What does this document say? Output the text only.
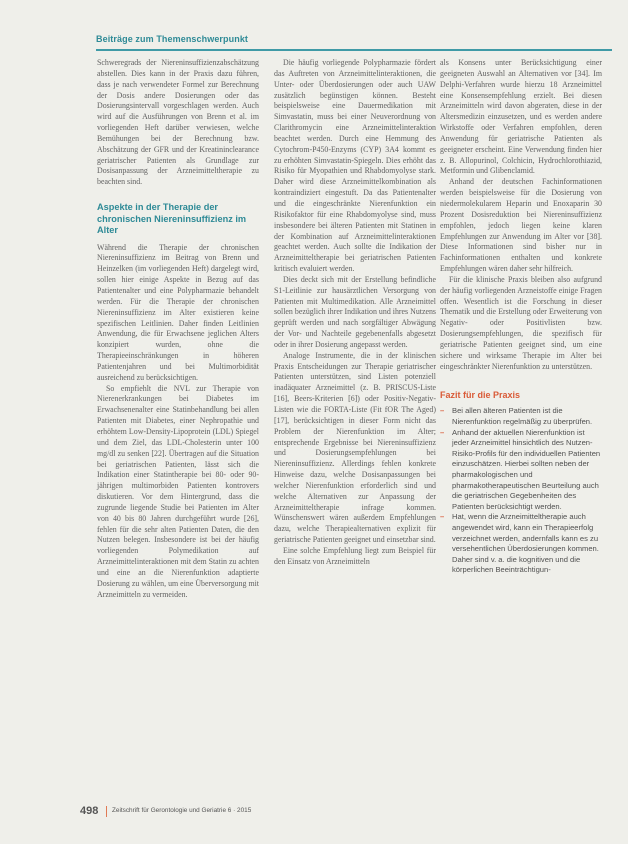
Beiträge zum Themenschwerpunkt

Schweregrads der Niereninsuffizienzabschätzung abstellen. Dies kann in der Praxis dazu führen, dass je nach verwendeter Formel zur Berechnung der Dosis andere Dosierungen oder das Dosierungsintervall vorgeschlagen werden. Auch wird auf die Ausführungen von Brenn et al. im vorliegenden Heft darüber verwiesen, welche Bemühungen bei der Berechnung bzw. Abschätzung der GFR und der Kreatininclearance geriatrischer Patienten als Grundlage zur Dosisanpassung der Arzneimitteltherapie zu beachten sind.

Aspekte in der Therapie der chronischen Niereninsuffizienz im Alter

Während die Therapie der chronischen Niereninsuffizienz im Beitrag von Brenn und Heinzelken (im vorliegenden Heft) dargelegt wird, sollen hier einige Aspekte in Bezug auf das Patientenalter und eine Polypharmazie behandelt werden. Für die Therapie der chronischen Niereninsuffizienz im Alter existieren keine spezifischen Leitlinien. Daher finden Leitlinien Anwendung, die für Erwachsene jeglichen Alters konzipiert wurden, ohne die Therapieeinschränkungen in höheren Patientenjahren und bei Multimorbidität ausreichend zu berücksichtigen.

So empfiehlt die NVL zur Therapie von Nierenerkrankungen bei Diabetes im Erwachsenenalter eine Statinbehandlung bei allen Patienten mit Diabetes, einer Nephropathie und erhöhtem Low-Density-Lipoprotein (LDL) Spiegel und dem Ziel, das LDL-Cholesterin unter 100 mg/dl zu senken [22]. Übertragen auf die Situation bei geriatrischen Patienten, lässt sich die Indikation einer Statintherapie bei 80- oder 90-jährigen multimorbiden Patienten kontrovers diskutieren. Vor dem Hintergrund, dass die zugrunde liegende Studie bei Patienten im Alter von 40 bis 80 Jahren durchgeführt wurde [26], fehlen für die sehr alten Patienten Daten, die den Nutzen belegen. Insbesondere ist bei der häufig vorliegenden Polymedikation auf Arzneimittelinteraktionen mit dem Statin zu achten und eine an die Nierenfunktion adaptierte Dosierung zu wählen, um eine Überversorgung mit Arzneimitteln zu vermeiden.

Die häufig vorliegende Polypharmazie fördert das Auftreten von Arzneimittelinteraktionen, die Unter- oder Überdosierungen oder auch UAW zusätzlich begünstigen können. Besteht beispielsweise eine Dauermedikation mit Simvastatin, muss bei einer Neuverordnung von Clarithromycin eine Arzneimittelinteraktion beachtet werden. Durch eine Hemmung des Cytochrom-P450-Enzyms (CYP) 3A4 kommt es zu erhöhten Simvastatin-Spiegeln. Dies erhöht das Risiko für Myopathien und Rhabdomyolyse stark. Daher wird diese Arzneimittelkombination als kontraindiziert eingestuft. Da das Patientenalter und die eingeschränkte Nierenfunktion ein Risikofaktor für eine Rhabdomyolyse sind, muss insbesondere bei älteren Patienten mit Statinen in der Kombination auf Arzneimittelinteraktionen geachtet werden. Auch sollte die Indikation der Arzneimitteltherapie bei geriatrischen Patienten kritisch evaluiert werden.

Dies deckt sich mit der Erstellung befindliche S1-Leitlinie zur hausärztlichen Versorgung von Patienten mit Multimedikation. Alle Arzneimittel sollen bezüglich ihrer Indikation und ihres Nutzens geprüft werden und nach sorgfältiger Abwägung der Vor- und Nachteile gegebenenfalls abgesetzt oder in ihrer Dosierung angepasst werden.

Analoge Instrumente, die in der klinischen Praxis Entscheidungen zur Therapie geriatrischer Patienten unterstützen, sind Listen potenziell inadäquater Arzneimittel (z. B. PRISCUS-Liste [16], Beers-Kriterien [6]) oder Positiv-Negativ-Listen wie die FORTA-Liste (Fit fOR The Aged) [17], berücksichtigen in dieser Form nicht das Problem der Nierenfunktion im Alter; entsprechende Ergebnisse bei Niereninsuffizienz und Dosierungsempfehlungen bei Niereninsuffizienz. Allerdings fehlen konkrete Hinweise dazu, welche Dosisanpassungen bei welcher Nierenfunktion erforderlich sind und welche Alternativen zur Anpassung der Arzneimitteltherapie infrage kommen. Wünschenswert wären außerdem Empfehlungen dazu, welche Therapiealternativen explizit für geriatrische Patienten geeignet und einsetzbar sind.

Eine solche Empfehlung liegt zum Beispiel für den Einsatz von Arzneimitteln

als Konsens unter Berücksichtigung einer geeigneten Auswahl an Alternativen vor [34]. Im Delphi-Verfahren wurde hierzu 18 Arzneimittel eine Konsensempfehlung erzielt. Bei diesen Arzneimitteln wird davon abgeraten, diese in der Altersmedizin einzusetzen, und es werden andere Wirkstoffe oder Verfahren empfohlen, deren Anwendung für geriatrische Patienten als geeigneter erscheint. Eine Verwendung finden hier z. B. Allopurinol, Colchicin, Hydrochlorothiazid, Metformin und Glibenclamid.

Anhand der deutschen Fachinformationen werden beispielsweise für die Dosierung von niedermolekularem Heparin und Enoxaparin 30 Prozent Dosisreduktion bei Niereninsuffizienz empfohlen, jedoch liegen keine klaren Empfehlungen zur Anwendung im Alter vor [38]. Diese Informationen sind bisher nur in Fachinformationen enthalten und konkrete Empfehlungen wären daher sehr hilfreich.

Für die klinische Praxis bleiben also aufgrund der häufig vorliegenden Arzneistoffe einige Fragen offen. Wesentlich ist die Forschung in dieser Thematik und die Erstellung oder Erweiterung von Negativ- oder Positivlisten bzw. Dosierungsempfehlungen, die spezifisch für geriatrische Patienten geeignet sind, um eine sichere und wirksame Therapie im Alter bei eingeschränkter Nierenfunktion zu unterstützen.

Fazit für die Praxis
– Bei allen älteren Patienten ist die Nierenfunktion regelmäßig zu überprüfen.
– Anhand der aktuellen Nierenfunktion ist jeder Arzneimittel hinsichtlich des Nutzen-Risiko-Profils für den individuellen Patienten einzuschätzen. Hierbei sollten neben der pharmakologischen und pharmakotherapeutischen Beurteilung auch die geriatrischen Gegebenheiten des Patienten berücksichtigt werden.
– Hat, wenn die Arzneimitteltherapie auch angewendet wird, kann ein Therapieerfolg verzeichnet werden, andernfalls kann es zu versehentlichen Überdosierungen kommen. Daher sind v. a. die kognitiven und die körperlichen Beeinträchtigun-
498 Zeitschrift für Gerontologie und Geriatrie 6 · 2015
